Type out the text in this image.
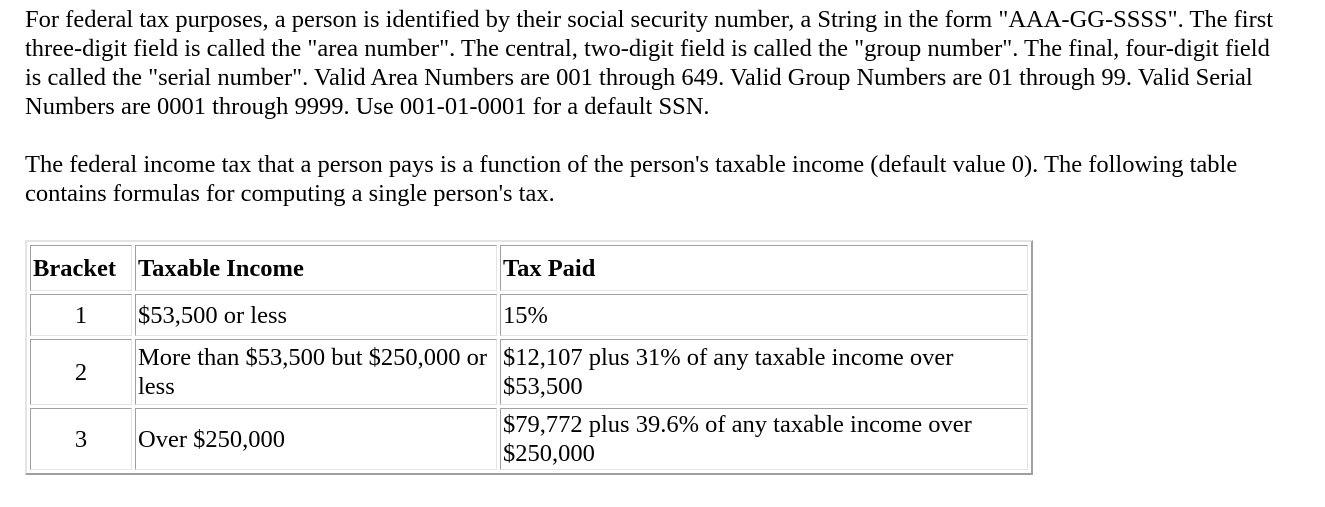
For federal tax purposes, a person is identified by their social security number, a String in the form "AAA-GG-SSSS". The first three-digit field is called the "area number". The central, two-digit field is called the "group number". The final, four-digit field is called the "serial number". Valid Area Numbers are 001 through 649. Valid Group Numbers are 01 through 99. Valid Serial Numbers are 0001 through 9999. Use 001-01-0001 for a default SSN.

The federal income tax that a person pays is a function of the person's taxable income (default value 0). The following table contains formulas for computing a single person's tax.

Bracket	Taxable Income	Tax Paid
1	$53,500 or less	15%
2	More than $53,500 but $250,000 or less	$12,107 plus 31% of any taxable income over $53,500
3	Over $250,000	$79,772 plus 39.6% of any taxable income over $250,000
